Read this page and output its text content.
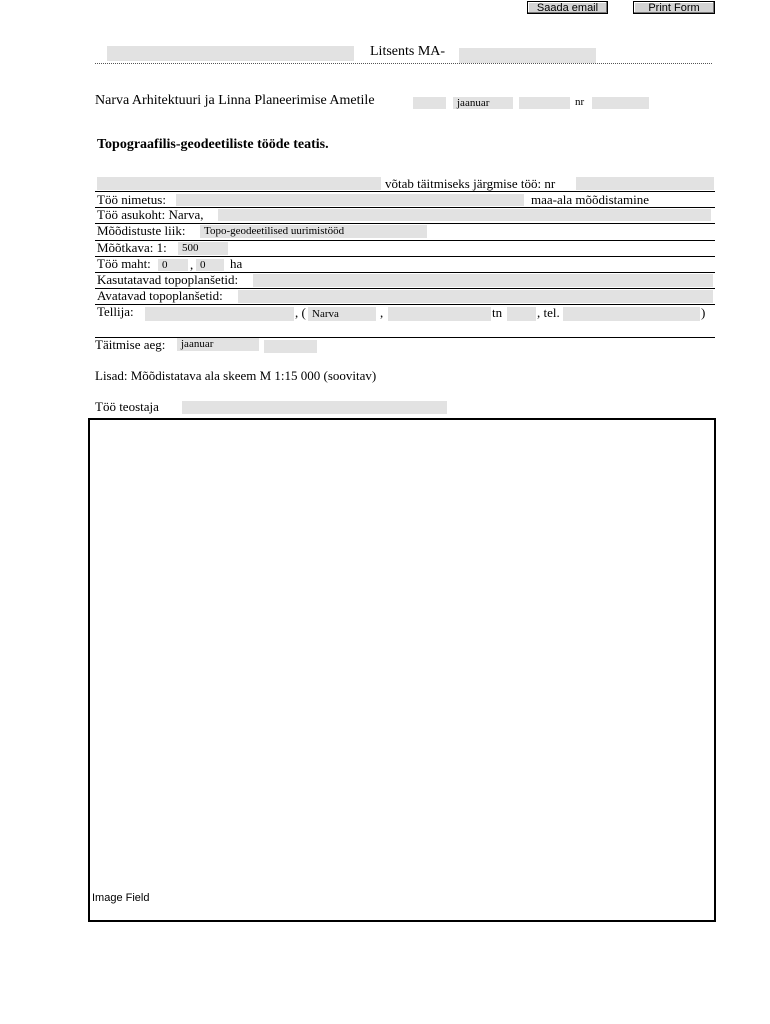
Saada email	Print Form
Litsents MA-
Narva Arhitektuuri ja Linna Planeerimise Ametile	jaanuar	nr
Topograafilis-geodeetiliste tööde teatis.
võtab täitmiseks järgmise töö: nr
Töö nimetus:	maa-ala mõõdistamine
Töö asukoht: Narva,
Mõõdistuste liik:	Topo-geodeetilised uurimistööd
Mõõtkava: 1:	500
Töö maht:	0	, 0	ha
Kasutatavad topoplanšetid:
Avatavad topoplanšetid:
Tellija:	, ( Narva	,	tn	, tel.	)
Täitmise aeg:	jaanuar
Lisad: Mõõdistatava ala skeem M 1:15 000 (soovitav)
Töö teostaja
Image Field
